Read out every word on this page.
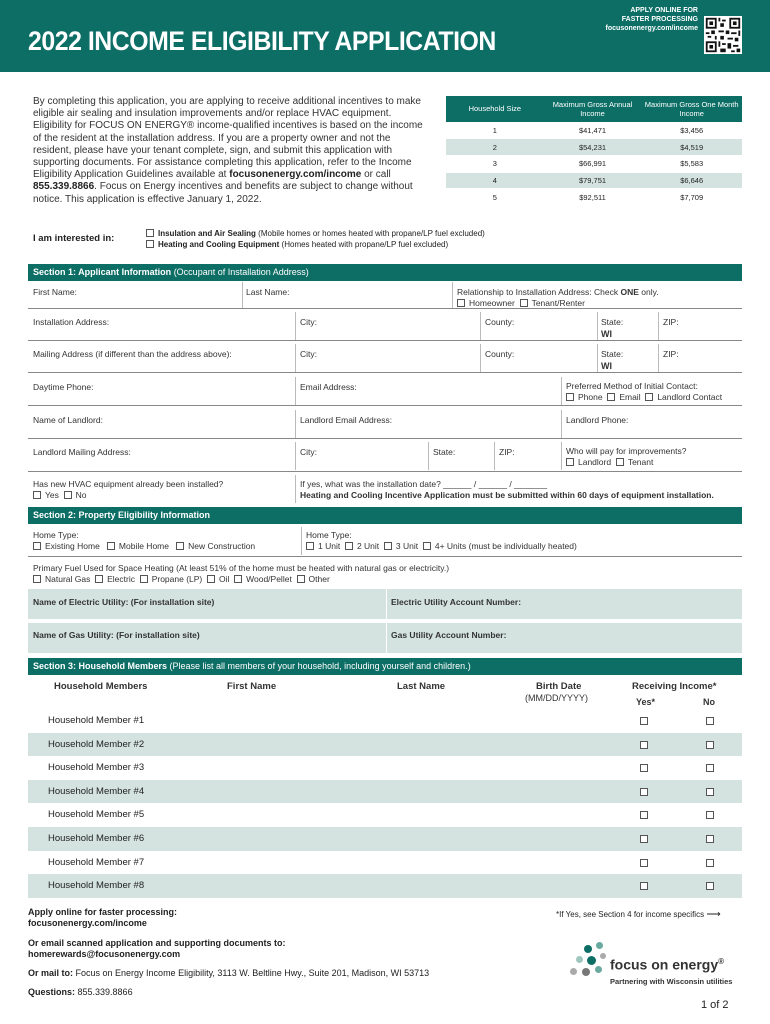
2022 INCOME ELIGIBILITY APPLICATION
APPLY ONLINE FOR
FASTER PROCESSING
focusonenergy.com/income
By completing this application, you are applying to receive additional incentives to make eligible air sealing and insulation improvements and/or replace HVAC equipment. Eligibility for FOCUS ON ENERGY® income-qualified incentives is based on the income of the resident at the installation address. If you are a property owner and not the resident, please have your tenant complete, sign, and submit this application with supporting documents. For assistance completing this application, refer to the Income Eligibility Application Guidelines available at focusonenergy.com/income or call 855.339.8866. Focus on Energy incentives and benefits are subject to change without notice. This application is effective January 1, 2022.
Household Size	Maximum Gross Annual Income	Maximum Gross One Month Income
1	$41,471	$3,456
2	$54,231	$4,519
3	$66,991	$5,583
4	$79,751	$6,646
5	$92,511	$7,709
I am interested in:	Insulation and Air Sealing (Mobile homes or homes heated with propane/LP fuel excluded)
Heating and Cooling Equipment (Homes heated with propane/LP fuel excluded)
Section 1: Applicant Information (Occupant of Installation Address)
First Name:	Last Name:	Relationship to Installation Address: Check ONE only.
Homeowner Tenant/Renter
Installation Address:	City:	County:	State:
WI
ZIP:
Mailing Address (if different than the address above):	City:	County:	State:
WI
ZIP:
Daytime Phone:	Email Address:	Preferred Method of Initial Contact:
Phone Email Landlord Contact
Name of Landlord:	Landlord Email Address:	Landlord Phone:
Landlord Mailing Address:	City:	State:	ZIP:	Who will pay for improvements?
Landlord Tenant
Has new HVAC equipment already been installed?
Yes No
If yes, what was the installation date? ______ / ______ / _______
Heating and Cooling Incentive Application must be submitted within 60 days of equipment installation.
Section 2: Property Eligibility Information
Home Type:
Existing Home Mobile Home New Construction
Home Type:
1 Unit 2 Unit 3 Unit 4+ Units (must be individually heated)
Primary Fuel Used for Space Heating (At least 51% of the home must be heated with natural gas or electricity.)
Natural Gas Electric Propane (LP) Oil Wood/Pellet Other
Name of Electric Utility: (For installation site)	Electric Utility Account Number:
Name of Gas Utility: (For installation site)	Gas Utility Account Number:
Section 3: Household Members (Please list all members of your household, including yourself and children.)
Household Members	First Name	Last Name	Birth Date
(MM/DD/YYYY)
Receiving Income*
Yes*	No
Household Member #1
Household Member #2
Household Member #3
Household Member #4
Household Member #5
Household Member #6
Household Member #7
Household Member #8
Apply online for faster processing:
focusonenergy.com/income
*If Yes, see Section 4 for income specifics ⟶
Or email scanned application and supporting documents to:
homerewards@focusonenergy.com
Or mail to: Focus on Energy Income Eligibility, 3113 W. Beltline Hwy., Suite 201, Madison, WI 53713
Questions: 855.339.8866
focus on energy®
Partnering with Wisconsin utilities
1 of 2
